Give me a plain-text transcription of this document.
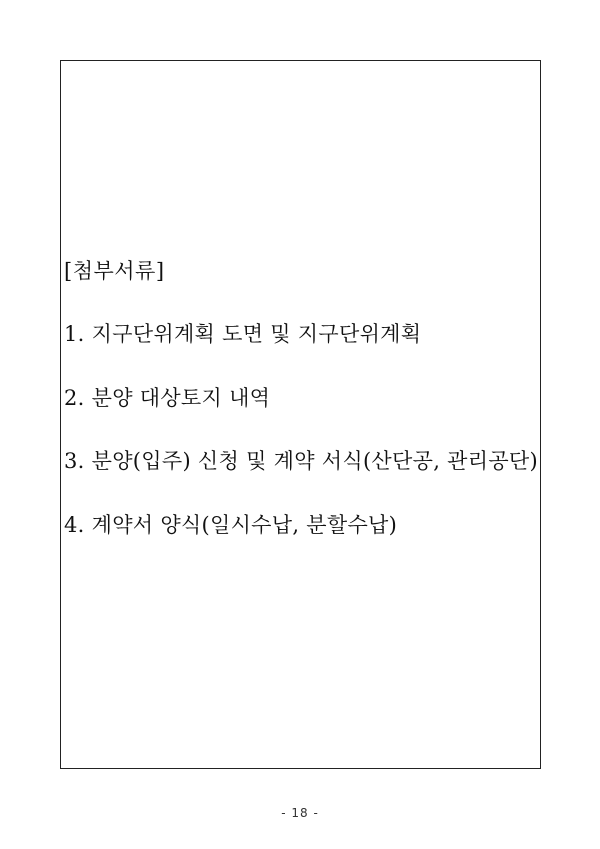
[첨부서류]
1. 지구단위계획 도면 및 지구단위계획
2. 분양 대상토지 내역
3. 분양(입주) 신청 및 계약 서식(산단공, 관리공단)
4. 계약서 양식(일시수납, 분할수납)
- 18 -
